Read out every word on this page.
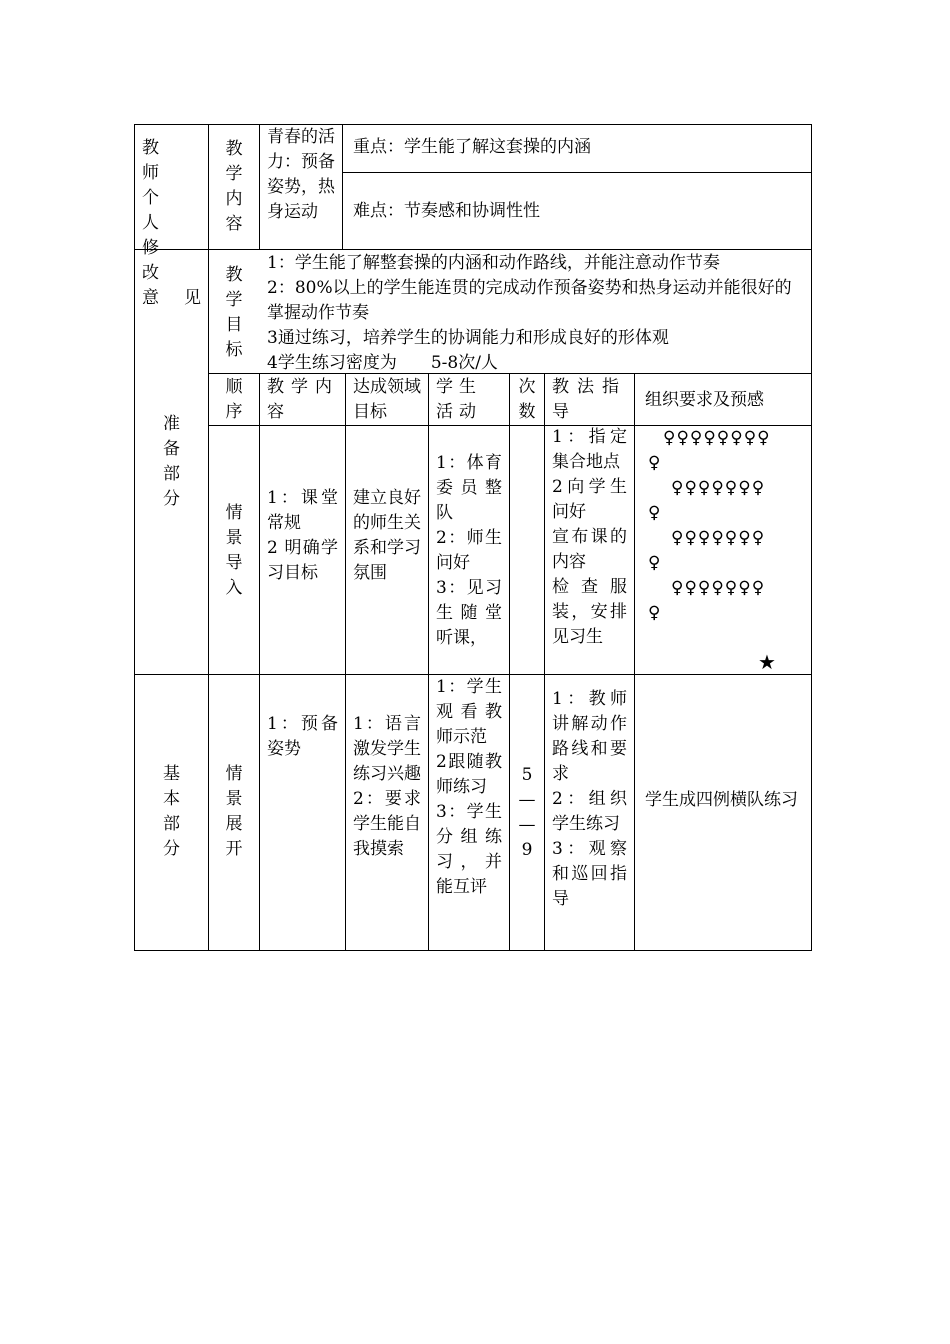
教　　师
个　　人
修　　改
意见
教
学
内
容
青春的活力：预备姿势，热身运动
重点：学生能了解这套操的内涵
难点：节奏感和协调性性
准
备
部
分
教
学
目
标
1：学生能了解整套操的内涵和动作路线，并能注意动作节奏
2：80%以上的学生能连贯的完成动作预备姿势和热身运动并能很好的掌握动作节奏
3通过练习，培养学生的协调能力和形成良好的形体观
4学生练习密度为　　5-8次/人
顺
序
教学内容
达成领域目标
学生活动
次
数
教法指导
组织要求及预感
情
景
导
入
1：课堂常规
2 明确学习目标
建立良好的师生关系和学习氛围
1：体育委员整队
2：师生问好
3：见习生随堂听课，
1：指定集合地点
2向学生问好
宣布课的内容
检查服装，安排见习生
♀♀♀♀♀♀♀♀
♀
♀♀♀♀♀♀♀
♀
♀♀♀♀♀♀♀
♀
♀♀♀♀♀♀♀
♀
★
基
本
部
分
情
景
展
开
1：预备姿势
1：语言激发学生练习兴趣
2：要求学生能自我摸索
1：学生观看教师示范
2跟随教师练习
3：学生分组练习，并能互评
5
—
—
9
1：教师讲解动作路线和要求
2：组织学生练习
3：观察和巡回指导
学生成四例横队练习
